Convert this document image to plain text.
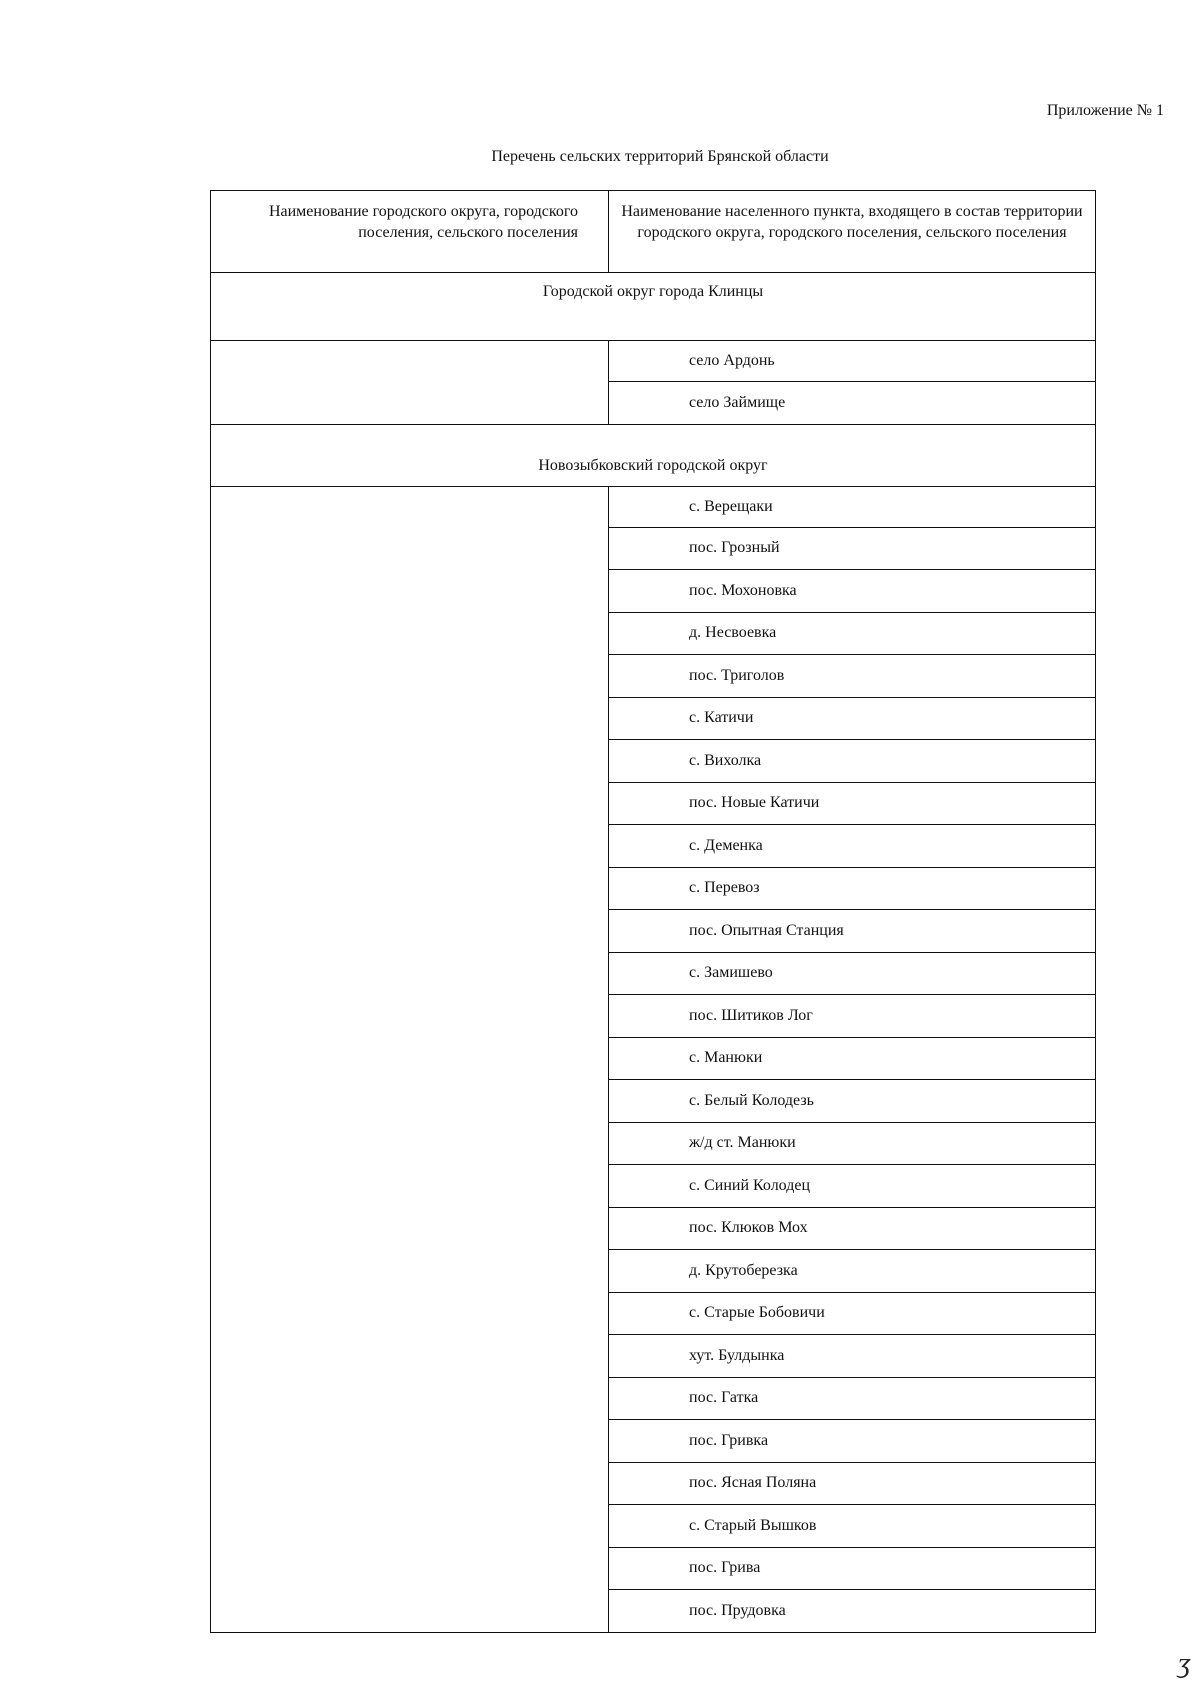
Приложение № 1

Перечень сельских территорий Брянской области

Наименование городского округа, городского поселения, сельского поселения	Наименование населенного пункта, входящего в состав территории городского округа, городского поселения, сельского поселения
Городской округ города Клинцы	
	село Ардонь
	село Займище
Новозыбковский городской округ	
	с. Верещаки
	пос. Грозный
	пос. Мохоновка
	д. Несвоевка
	пос. Триголов
	с. Катичи
	с. Вихолка
	пос. Новые Катичи
	с. Деменка
	с. Перевоз
	пос. Опытная Станция
	с. Замишево
	пос. Шитиков Лог
	с. Манюки
	с. Белый Колодезь
	ж/д ст. Манюки
	с. Синий Колодец
	пос. Клюков Мох
	д. Крутоберезка
	с. Старые Бобовичи
	хут. Булдынка
	пос. Гатка
	пос. Гривка
	пос. Ясная Поляна
	с. Старый Вышков
	пос. Грива
	пос. Прудовка

ʒ
